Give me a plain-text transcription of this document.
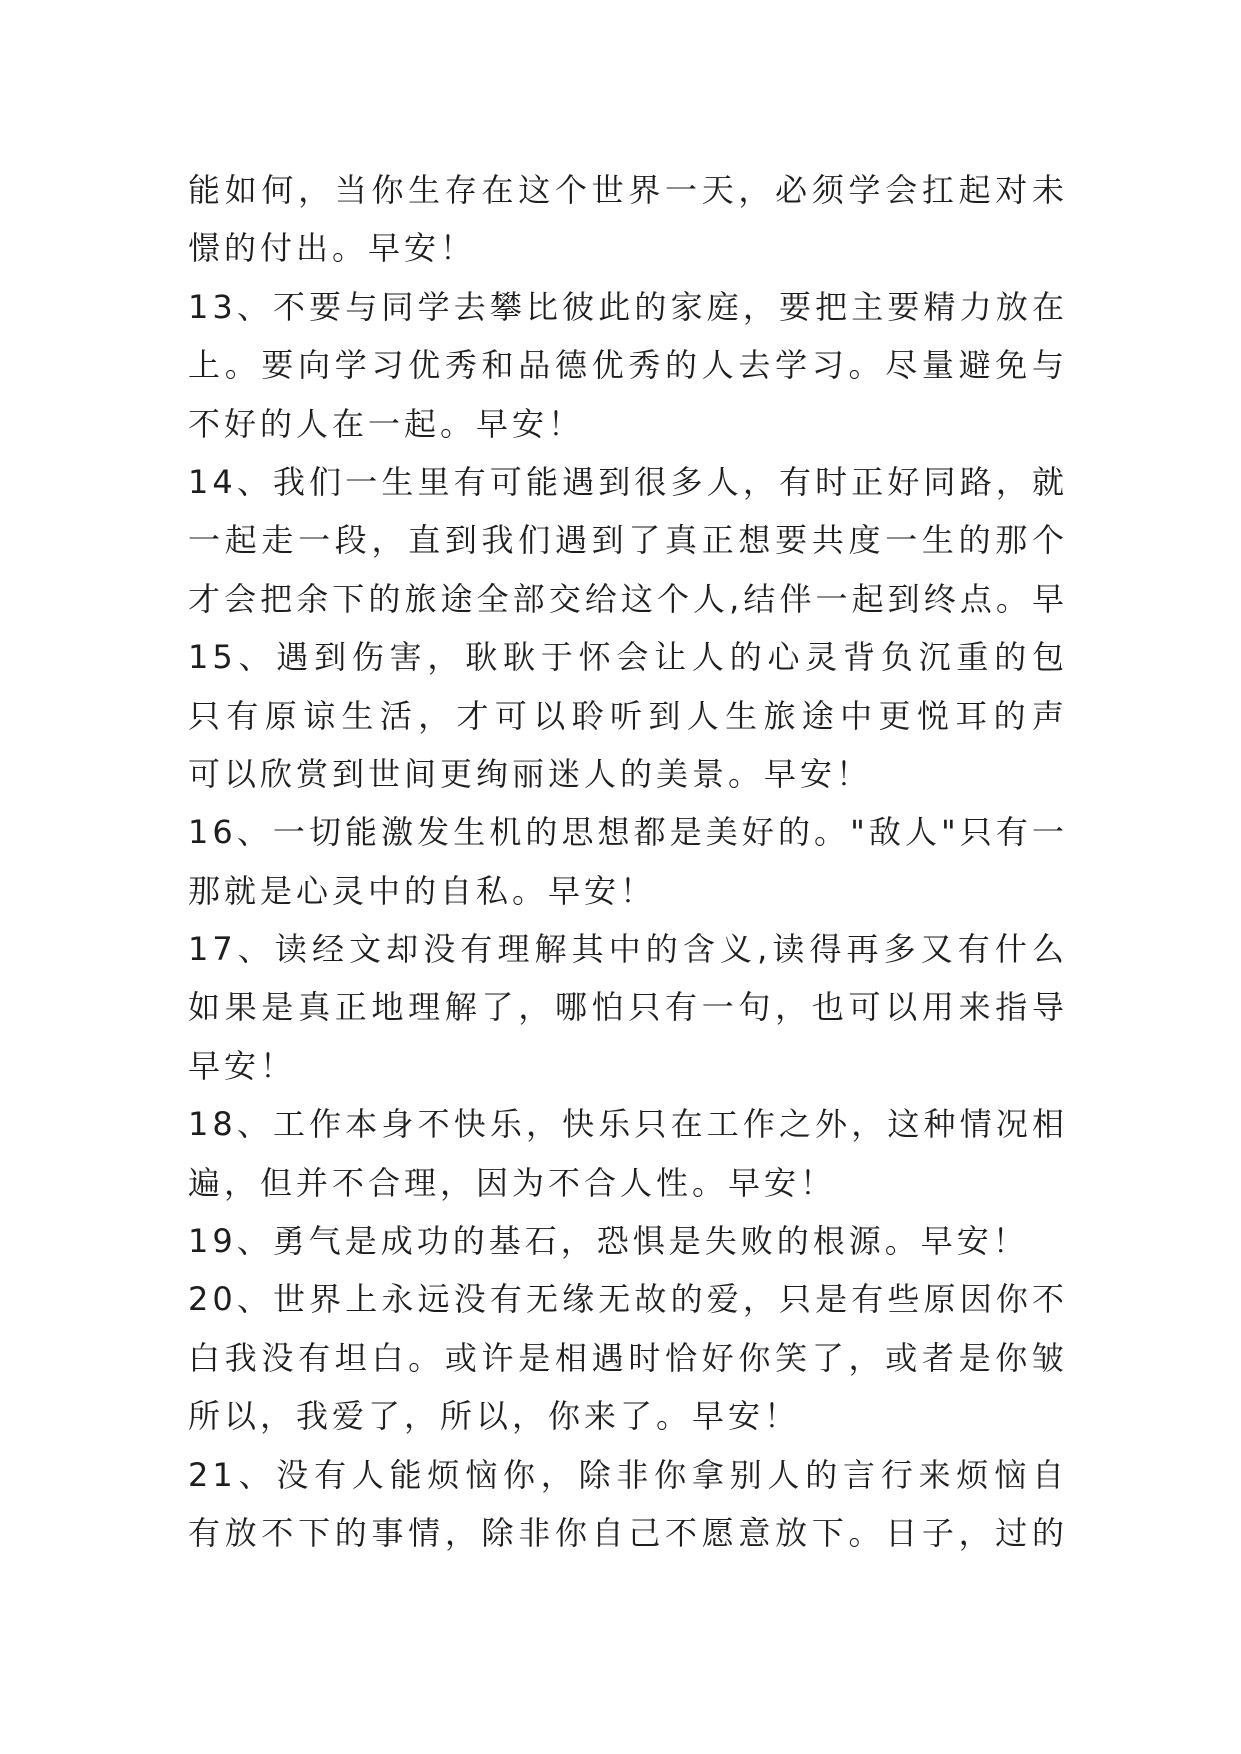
能如何，当你生存在这个世界一天，必须学会扛起对未
憬的付出。早安！
13、不要与同学去攀比彼此的家庭，要把主要精力放在
上。要向学习优秀和品德优秀的人去学习。尽量避免与
不好的人在一起。早安！
14、我们一生里有可能遇到很多人，有时正好同路，就
一起走一段，直到我们遇到了真正想要共度一生的那个
才会把余下的旅途全部交给这个人,结伴一起到终点。早
15、遇到伤害，耿耿于怀会让人的心灵背负沉重的包
只有原谅生活，才可以聆听到人生旅途中更悦耳的声
可以欣赏到世间更绚丽迷人的美景。早安！
16、一切能激发生机的思想都是美好的。"敌人"只有一
那就是心灵中的自私。早安！
17、读经文却没有理解其中的含义,读得再多又有什么
如果是真正地理解了，哪怕只有一句，也可以用来指导
早安！
18、工作本身不快乐，快乐只在工作之外，这种情况相
遍，但并不合理，因为不合人性。早安！
19、勇气是成功的基石，恐惧是失败的根源。早安！
20、世界上永远没有无缘无故的爱，只是有些原因你不
白我没有坦白。或许是相遇时恰好你笑了，或者是你皱
所以，我爱了，所以，你来了。早安！
21、没有人能烦恼你，除非你拿别人的言行来烦恼自
有放不下的事情，除非你自己不愿意放下。日子，过的
